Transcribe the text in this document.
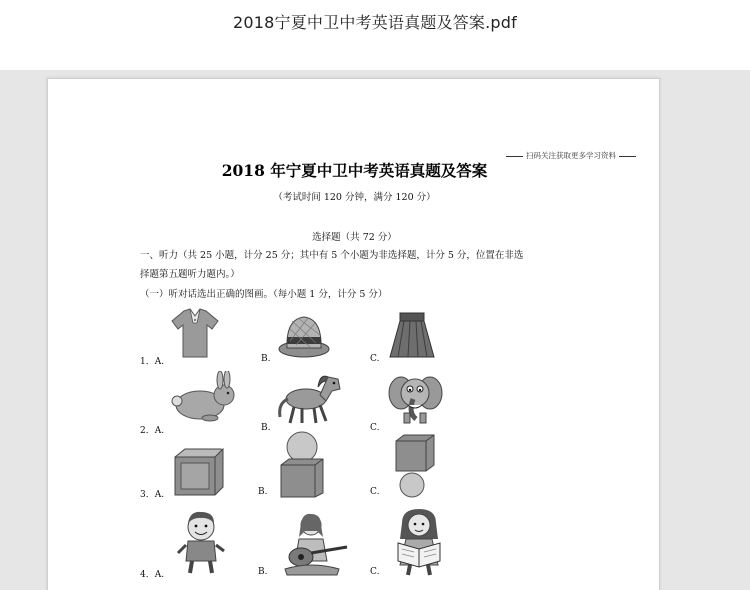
2018宁夏中卫中考英语真题及答案.pdf
扫码关注获取更多学习资料
2018 年宁夏中卫中考英语真题及答案
（考试时间 120 分钟，满分 120 分）
选择题（共 72 分）
一、听力（共 25 小题，计分 25 分；其中有 5 个小题为非选择题，计分 5 分，位置在非选
择题第五题听力题内。）
（一）听对话选出正确的图画。（每小题 1 分，计分 5 分）
1．A.	B.	C.
2．A.	B.	C.
3．A.	B.	C.
4．A.	B.	C.
